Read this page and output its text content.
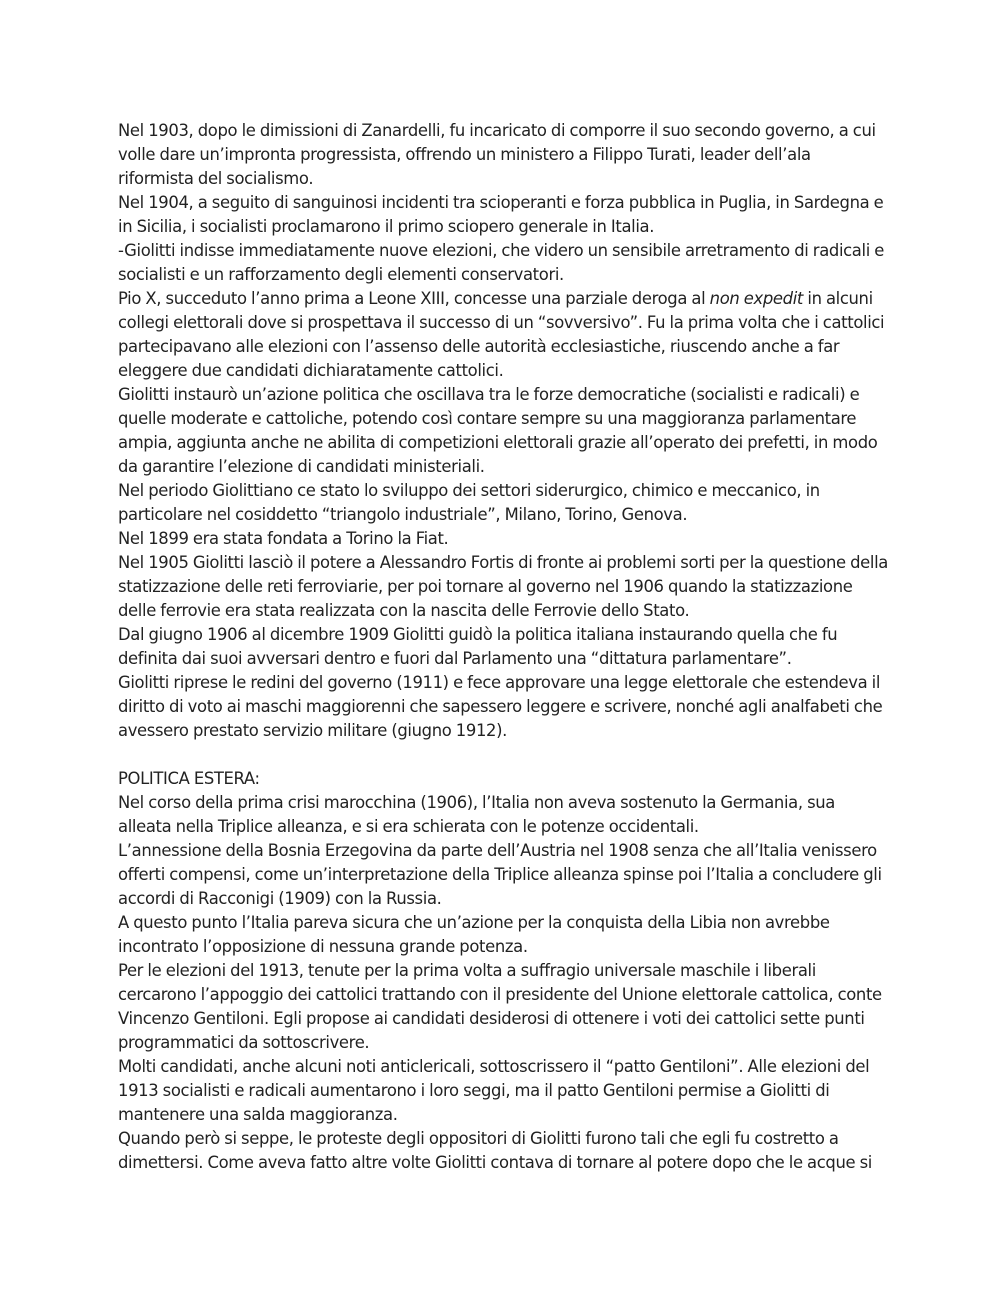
Nel 1903, dopo le dimissioni di Zanardelli, fu incaricato di comporre il suo secondo governo, a cui volle dare un’impronta progressista, offrendo un ministero a Filippo Turati, leader dell’ala riformista del socialismo.

Nel 1904, a seguito di sanguinosi incidenti tra scioperanti e forza pubblica in Puglia, in Sardegna e in Sicilia, i socialisti proclamarono il primo sciopero generale in Italia.

-Giolitti indisse immediatamente nuove elezioni, che videro un sensibile arretramento di radicali e socialisti e un rafforzamento degli elementi conservatori.

Pio X, succeduto l’anno prima a Leone XIII, concesse una parziale deroga al non expedit in alcuni collegi elettorali dove si prospettava il successo di un “sovversivo”. Fu la prima volta che i cattolici partecipavano alle elezioni con l’assenso delle autorità ecclesiastiche, riuscendo anche a far eleggere due candidati dichiaratamente cattolici.

Giolitti instaurò un’azione politica che oscillava tra le forze democratiche (socialisti e radicali) e quelle moderate e cattoliche, potendo così contare sempre su una maggioranza parlamentare ampia, aggiunta anche ne abilita di competizioni elettorali grazie all’operato dei prefetti, in modo da garantire l’elezione di candidati ministeriali.

Nel periodo Giolittiano ce stato lo sviluppo dei settori siderurgico, chimico e meccanico, in particolare nel cosiddetto “triangolo industriale”, Milano, Torino, Genova.

Nel 1899 era stata fondata a Torino la Fiat.

Nel 1905 Giolitti lasciò il potere a Alessandro Fortis di fronte ai problemi sorti per la questione della statizzazione delle reti ferroviarie, per poi tornare al governo nel 1906 quando la statizzazione delle ferrovie era stata realizzata con la nascita delle Ferrovie dello Stato.

Dal giugno 1906 al dicembre 1909 Giolitti guidò la politica italiana instaurando quella che fu definita dai suoi avversari dentro e fuori dal Parlamento una “dittatura parlamentare”.

Giolitti riprese le redini del governo (1911) e fece approvare una legge elettorale che estendeva il diritto di voto ai maschi maggiorenni che sapessero leggere e scrivere, nonché agli analfabeti che avessero prestato servizio militare (giugno 1912).

POLITICA ESTERA:

Nel corso della prima crisi marocchina (1906), l’Italia non aveva sostenuto la Germania, sua alleata nella Triplice alleanza, e si era schierata con le potenze occidentali.

L’annessione della Bosnia Erzegovina da parte dell’Austria nel 1908 senza che all’Italia venissero offerti compensi, come un’interpretazione della Triplice alleanza spinse poi l’Italia a concludere gli accordi di Racconigi (1909) con la Russia.

A questo punto l’Italia pareva sicura che un’azione per la conquista della Libia non avrebbe incontrato l’opposizione di nessuna grande potenza.

Per le elezioni del 1913, tenute per la prima volta a suffragio universale maschile i liberali cercarono l’appoggio dei cattolici trattando con il presidente del Unione elettorale cattolica, conte Vincenzo Gentiloni. Egli propose ai candidati desiderosi di ottenere i voti dei cattolici sette punti programmatici da sottoscrivere.

Molti candidati, anche alcuni noti anticlericali, sottoscrissero il “patto Gentiloni”. Alle elezioni del 1913 socialisti e radicali aumentarono i loro seggi, ma il patto Gentiloni permise a Giolitti di mantenere una salda maggioranza.

Quando però si seppe, le proteste degli oppositori di Giolitti furono tali che egli fu costretto a dimettersi. Come aveva fatto altre volte Giolitti contava di tornare al potere dopo che le acque si
